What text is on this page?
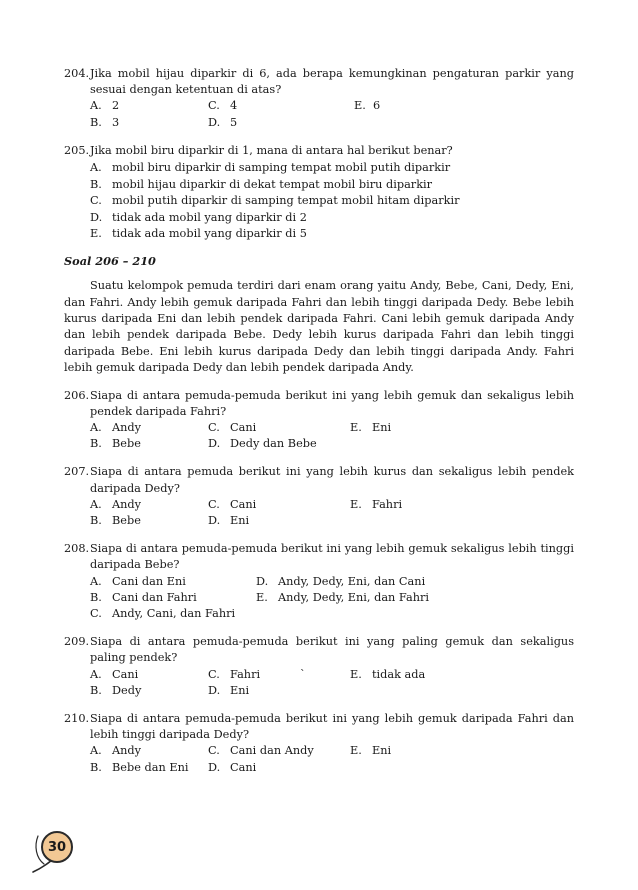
204. Jika mobil hijau diparkir di 6, ada berapa kemungkinan pengaturan parkir yang sesuai dengan ketentuan di atas?
A. 2	C. 4	E. 6
B. 3	D. 5
205. Jika mobil biru diparkir di 1, mana di antara hal berikut benar?
A. mobil biru diparkir di samping tempat mobil putih diparkir
B. mobil hijau diparkir di dekat tempat mobil biru diparkir
C. mobil putih diparkir di samping tempat mobil hitam diparkir
D. tidak ada mobil yang diparkir di 2
E. tidak ada mobil yang diparkir di 5
Soal 206 – 210
Suatu kelompok pemuda terdiri dari enam orang yaitu Andy, Bebe, Cani, Dedy, Eni, dan Fahri. Andy lebih gemuk daripada Fahri dan lebih tinggi daripada Dedy. Bebe lebih kurus daripada Eni dan lebih pendek daripada Fahri. Cani lebih gemuk daripada Andy dan lebih pendek daripada Bebe. Dedy lebih kurus daripada Fahri dan lebih tinggi daripada Bebe. Eni lebih kurus daripada Dedy dan lebih tinggi daripada Andy. Fahri lebih gemuk daripada Dedy dan lebih pendek daripada Andy.
206. Siapa di antara pemuda-pemuda berikut ini yang lebih gemuk dan sekaligus lebih pendek daripada Fahri?
A. Andy	C. Cani	E. Eni
B. Bebe	D. Dedy dan Bebe
207. Siapa di antara pemuda berikut ini yang lebih kurus dan sekaligus lebih pendek daripada Dedy?
A. Andy	C. Cani	E. Fahri
B. Bebe	D. Eni
208. Siapa di antara pemuda-pemuda berikut ini yang lebih gemuk sekaligus lebih tinggi daripada Bebe?
A. Cani dan Eni	D. Andy, Dedy, Eni, dan Cani
B. Cani dan Fahri	E. Andy, Dedy, Eni, dan Fahri
C. Andy, Cani, dan Fahri
209. Siapa di antara pemuda-pemuda berikut ini yang paling gemuk dan sekaligus paling pendek?
A. Cani	C. Fahri	`	E. tidak ada
B. Dedy	D. Eni
210. Siapa di antara pemuda-pemuda berikut ini yang lebih gemuk daripada Fahri dan lebih tinggi daripada Dedy?
A. Andy	C. Cani dan Andy	E. Eni
B. Bebe dan Eni D. Cani
30
